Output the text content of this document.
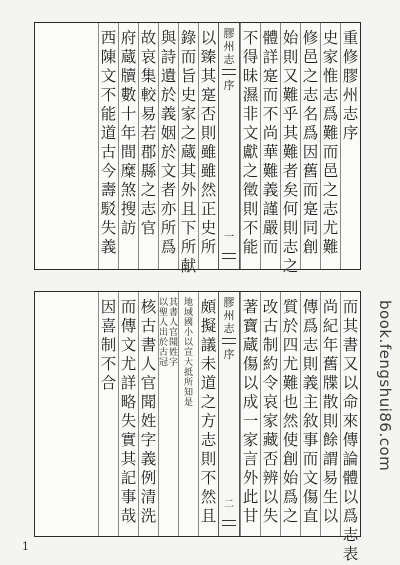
重
修
膠
州
志
序
史
家
惟
志
爲
難
而
邑
之
志
尤
難
修
邑
之
志
名
爲
因
舊
而
寔
同
創
始
則
又
難
乎
其
難
者
矣
何
則
志
之
體
詳
寔
而
不
尚
華
難
義
謹
嚴
而
不
得
昧
濕
非
文
獻
之
徵
則
不
能
膠
州
志
序
一
以
臻
其
寔
否
則
雖
雖
然
正
史
所
錄
而
旨
史
家
之
蔵
其
外
且
下
所
献
與
詩
遺
於
義
姻
於
文
者
亦
所
爲
故
哀
集
較
易
若
郡
縣
之
志
官
府
蔵
牘
數
十
年
間
糜
煞
搜
訪
西
陳
文
不
能
道
古
今
壽
駁
失
義
而
其
書
又
以
命
來
傳
論
體
以
爲
志
表
尚
紀
年
舊
牒
散
則
餘
謂
易
生
以
傳
爲
志
則
義
主
敘
事
而
文
傷
直
質
於
四
尤
難
也
然
使
創
始
爲
之
改
古
制
約
令
哀
家
藏
否
辨
以
失
著
寶
蔵
傷
以
成
一
家
言
外
此
甘
膠
州
志
序
二
頗
擬
議
未
道
之
方
志
則
不
然
且
地
域
國
小
以
宣
大
抵
所
知
是
以
聖
人
出
於
古
冠
其
書
人
官
聞
姓
字
核
古
書
人
官
聞
姓
字
義
例
清
洗
而
傳
文
尤
詳
略
失
實
其
記
事
哉
因
喜
制
不
合	book.fengshui86.com
1
